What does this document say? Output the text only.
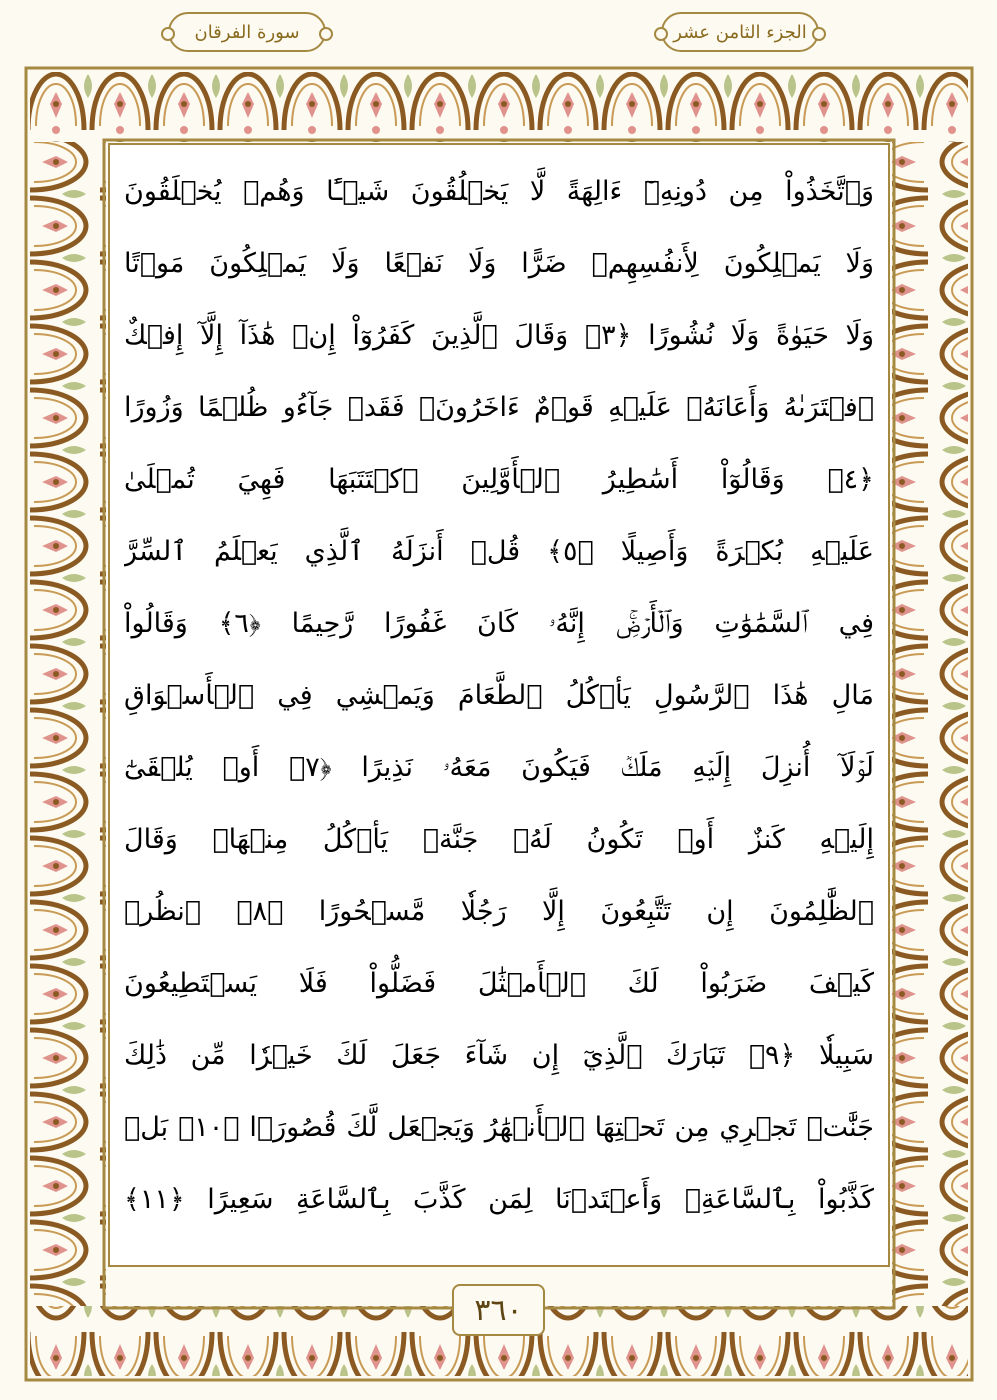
الجزء الثامن عشر
سورة الفرقان
وَٱتَّخَذُواْ مِن دُونِهِۦٓ ءَالِهَةً لَّا يَخۡلُقُونَ شَيۡـًٔا وَهُمۡ يُخۡلَقُونَ
وَلَا يَمۡلِكُونَ لِأَنفُسِهِمۡ ضَرًّا وَلَا نَفۡعًا وَلَا يَمۡلِكُونَ مَوۡتًا
وَلَا حَيَوٰةً وَلَا نُشُورًا ﴿٣﴾ وَقَالَ ٱلَّذِينَ كَفَرُوٓاْ إِنۡ هَٰذَآ إِلَّآ إِفۡكٌ
ٱفۡتَرَىٰهُ وَأَعَانَهُۥ عَلَيۡهِ قَوۡمٌ ءَاخَرُونَۖ فَقَدۡ جَآءُو ظُلۡمًا وَزُورًا
﴿٤﴾ وَقَالُوٓاْ أَسَٰطِيرُ ٱلۡأَوَّلِينَ ٱكۡتَتَبَهَا فَهِيَ تُمۡلَىٰ
عَلَيۡهِ بُكۡرَةً وَأَصِيلًا ﴿٥﴾ قُلۡ أَنزَلَهُ ٱلَّذِي يَعۡلَمُ ٱلسِّرَّ
فِي ٱلسَّمَٰوَٰتِ وَٱلۡأَرۡضِۚ إِنَّهُۥ كَانَ غَفُورًا رَّحِيمًا ﴿٦﴾ وَقَالُواْ
مَالِ هَٰذَا ٱلرَّسُولِ يَأۡكُلُ ٱلطَّعَامَ وَيَمۡشِي فِي ٱلۡأَسۡوَاقِ
لَوۡلَآ أُنزِلَ إِلَيۡهِ مَلَكٞ فَيَكُونَ مَعَهُۥ نَذِيرًا ﴿٧﴾ أَوۡ يُلۡقَىٰٓ
إِلَيۡهِ كَنزٌ أَوۡ تَكُونُ لَهُۥ جَنَّةٞ يَأۡكُلُ مِنۡهَاۚ وَقَالَ
ٱلظَّٰلِمُونَ إِن تَتَّبِعُونَ إِلَّا رَجُلٗا مَّسۡحُورًا ﴿٨﴾ ٱنظُرۡ
كَيۡفَ ضَرَبُواْ لَكَ ٱلۡأَمۡثَٰلَ فَضَلُّواْ فَلَا يَسۡتَطِيعُونَ
سَبِيلٗا ﴿٩﴾ تَبَارَكَ ٱلَّذِيٓ إِن شَآءَ جَعَلَ لَكَ خَيۡرٗا مِّن ذَٰلِكَ
جَنَّٰتٖ تَجۡرِي مِن تَحۡتِهَا ٱلۡأَنۡهَٰرُ وَيَجۡعَل لَّكَ قُصُورَۢا ﴿١٠﴾ بَلۡ
كَذَّبُواْ بِٱلسَّاعَةِۖ وَأَعۡتَدۡنَا لِمَن كَذَّبَ بِٱلسَّاعَةِ سَعِيرًا ﴿١١﴾
٣٦٠
